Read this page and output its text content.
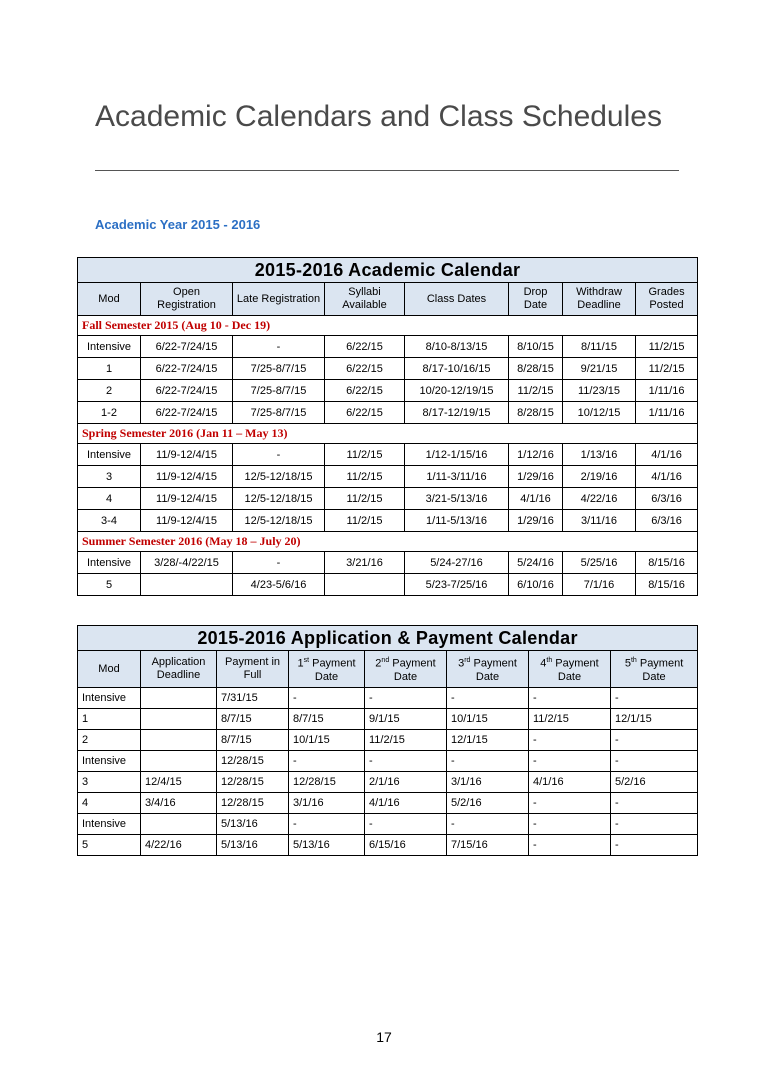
Academic Calendars and Class Schedules
Academic Year 2015 - 2016
2015-2016 Academic Calendar							
Mod	Open Registration	Late Registration	Syllabi Available	Class Dates	Drop Date	Withdraw Deadline	Grades Posted
Fall Semester 2015 (Aug 10 - Dec 19)							
Intensive	6/22-7/24/15	-	6/22/15	8/10-8/13/15	8/10/15	8/11/15	11/2/15
1	6/22-7/24/15	7/25-8/7/15	6/22/15	8/17-10/16/15	8/28/15	9/21/15	11/2/15
2	6/22-7/24/15	7/25-8/7/15	6/22/15	10/20-12/19/15	11/2/15	11/23/15	1/11/16
1-2	6/22-7/24/15	7/25-8/7/15	6/22/15	8/17-12/19/15	8/28/15	10/12/15	1/11/16
Spring Semester 2016 (Jan 11 – May 13)							
Intensive	11/9-12/4/15	-	11/2/15	1/12-1/15/16	1/12/16	1/13/16	4/1/16
3	11/9-12/4/15	12/5-12/18/15	11/2/15	1/11-3/11/16	1/29/16	2/19/16	4/1/16
4	11/9-12/4/15	12/5-12/18/15	11/2/15	3/21-5/13/16	4/1/16	4/22/16	6/3/16
3-4	11/9-12/4/15	12/5-12/18/15	11/2/15	1/11-5/13/16	1/29/16	3/11/16	6/3/16
Summer Semester 2016 (May 18 – July 20)							
Intensive	3/28/-4/22/15	-	3/21/16	5/24-27/16	5/24/16	5/25/16	8/15/16
5		4/23-5/6/16		5/23-7/25/16	6/10/16	7/1/16	8/15/16
2015-2016 Application & Payment Calendar							
Mod	Application Deadline	Payment in Full	1st Payment Date	2nd Payment Date	3rd Payment Date	4th Payment Date	5th Payment Date
Intensive		7/31/15	-	-	-	-	-
1		8/7/15	8/7/15	9/1/15	10/1/15	11/2/15	12/1/15
2		8/7/15	10/1/15	11/2/15	12/1/15	-	-
Intensive		12/28/15	-	-	-	-	-
3	12/4/15	12/28/15	12/28/15	2/1/16	3/1/16	4/1/16	5/2/16
4	3/4/16	12/28/15	3/1/16	4/1/16	5/2/16	-	-
Intensive		5/13/16	-	-	-	-	-
5	4/22/16	5/13/16	5/13/16	6/15/16	7/15/16	-	-
17
